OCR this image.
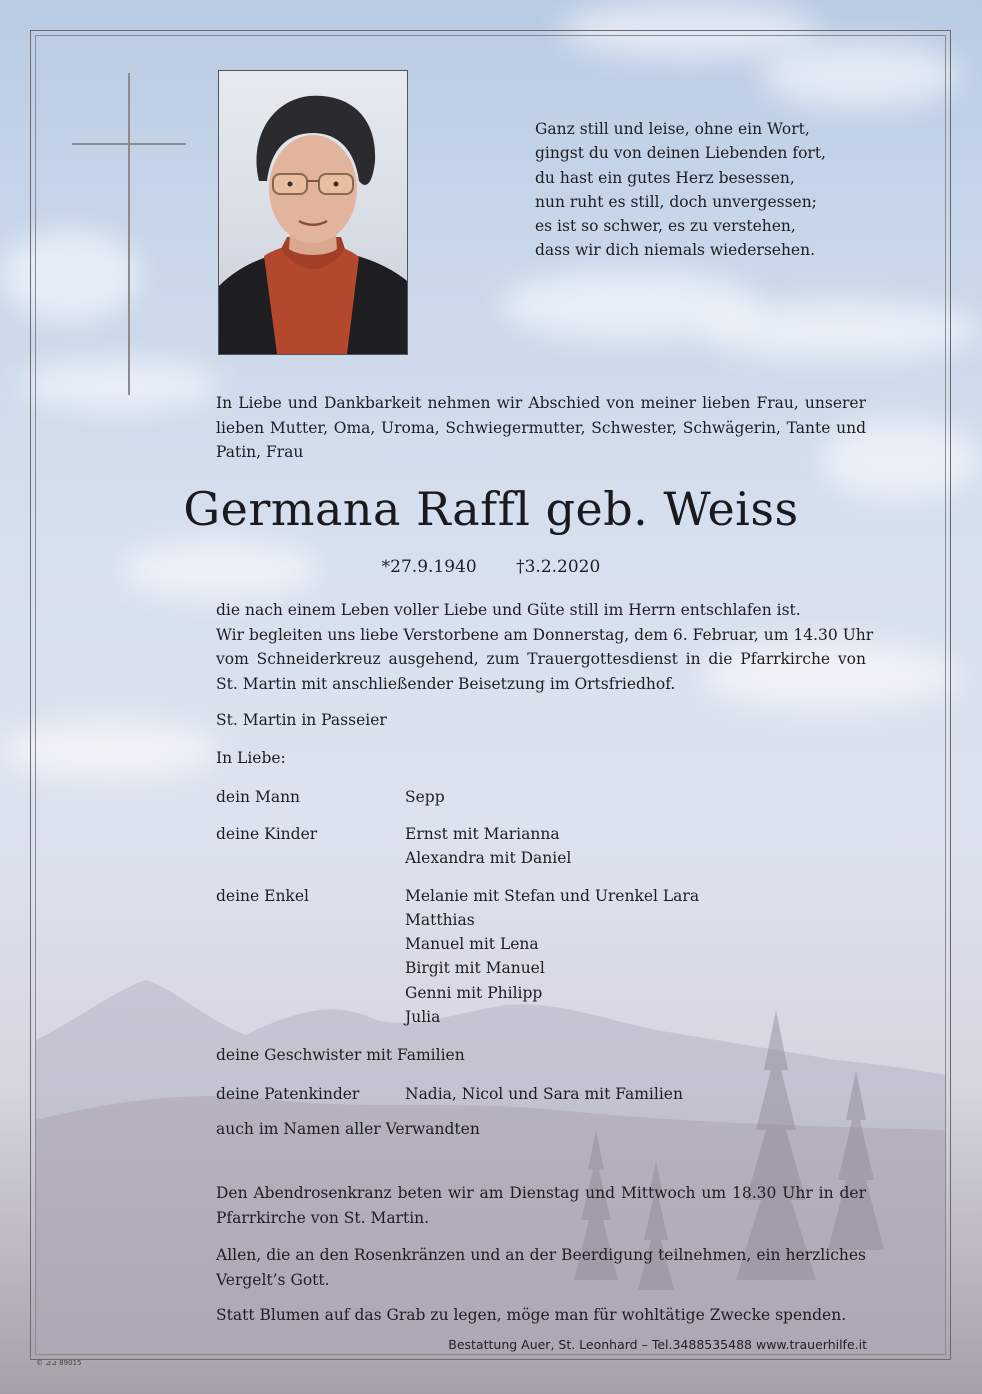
Ganz still und leise, ohne ein Wort,
gingst du von deinen Liebenden fort,
du hast ein gutes Herz besessen,
nun ruht es still, doch unvergessen;
es ist so schwer, es zu verstehen,
dass wir dich niemals wiedersehen.
In Liebe und Dankbarkeit nehmen wir Abschied von meiner lieben Frau, unserer
lieben Mutter, Oma, Uroma, Schwiegermutter, Schwester, Schwägerin, Tante und
Patin, Frau
Germana Raffl geb. Weiss
*27.9.1940 †3.2.2020
die nach einem Leben voller Liebe und Güte still im Herrn entschlafen ist.
Wir begleiten uns liebe Verstorbene am Donnerstag, dem 6. Februar, um 14.30 Uhr
vom Schneiderkreuz ausgehend, zum Trauergottesdienst in die Pfarrkirche von
St. Martin mit anschließender Beisetzung im Ortsfriedhof.
St. Martin in Passeier
In Liebe:
dein Mann	Sepp
deine Kinder	Ernst mit Marianna
Alexandra mit Daniel
deine Enkel	Melanie mit Stefan und Urenkel Lara
Matthias
Manuel mit Lena
Birgit mit Manuel
Genni mit Philipp
Julia
deine Geschwister mit Familien
deine Patenkinder	Nadia, Nicol und Sara mit Familien
auch im Namen aller Verwandten
Den Abendrosenkranz beten wir am Dienstag und Mittwoch um 18.30 Uhr in der
Pfarrkirche von St. Martin.
Allen, die an den Rosenkränzen und an der Beerdigung teilnehmen, ein herzliches
Vergelt’s Gott.
Statt Blumen auf das Grab zu legen, möge man für wohltätige Zwecke spenden.
Bestattung Auer, St. Leonhard – Tel.3488535488 www.trauerhilfe.it
© ⊿⊿ 89015
